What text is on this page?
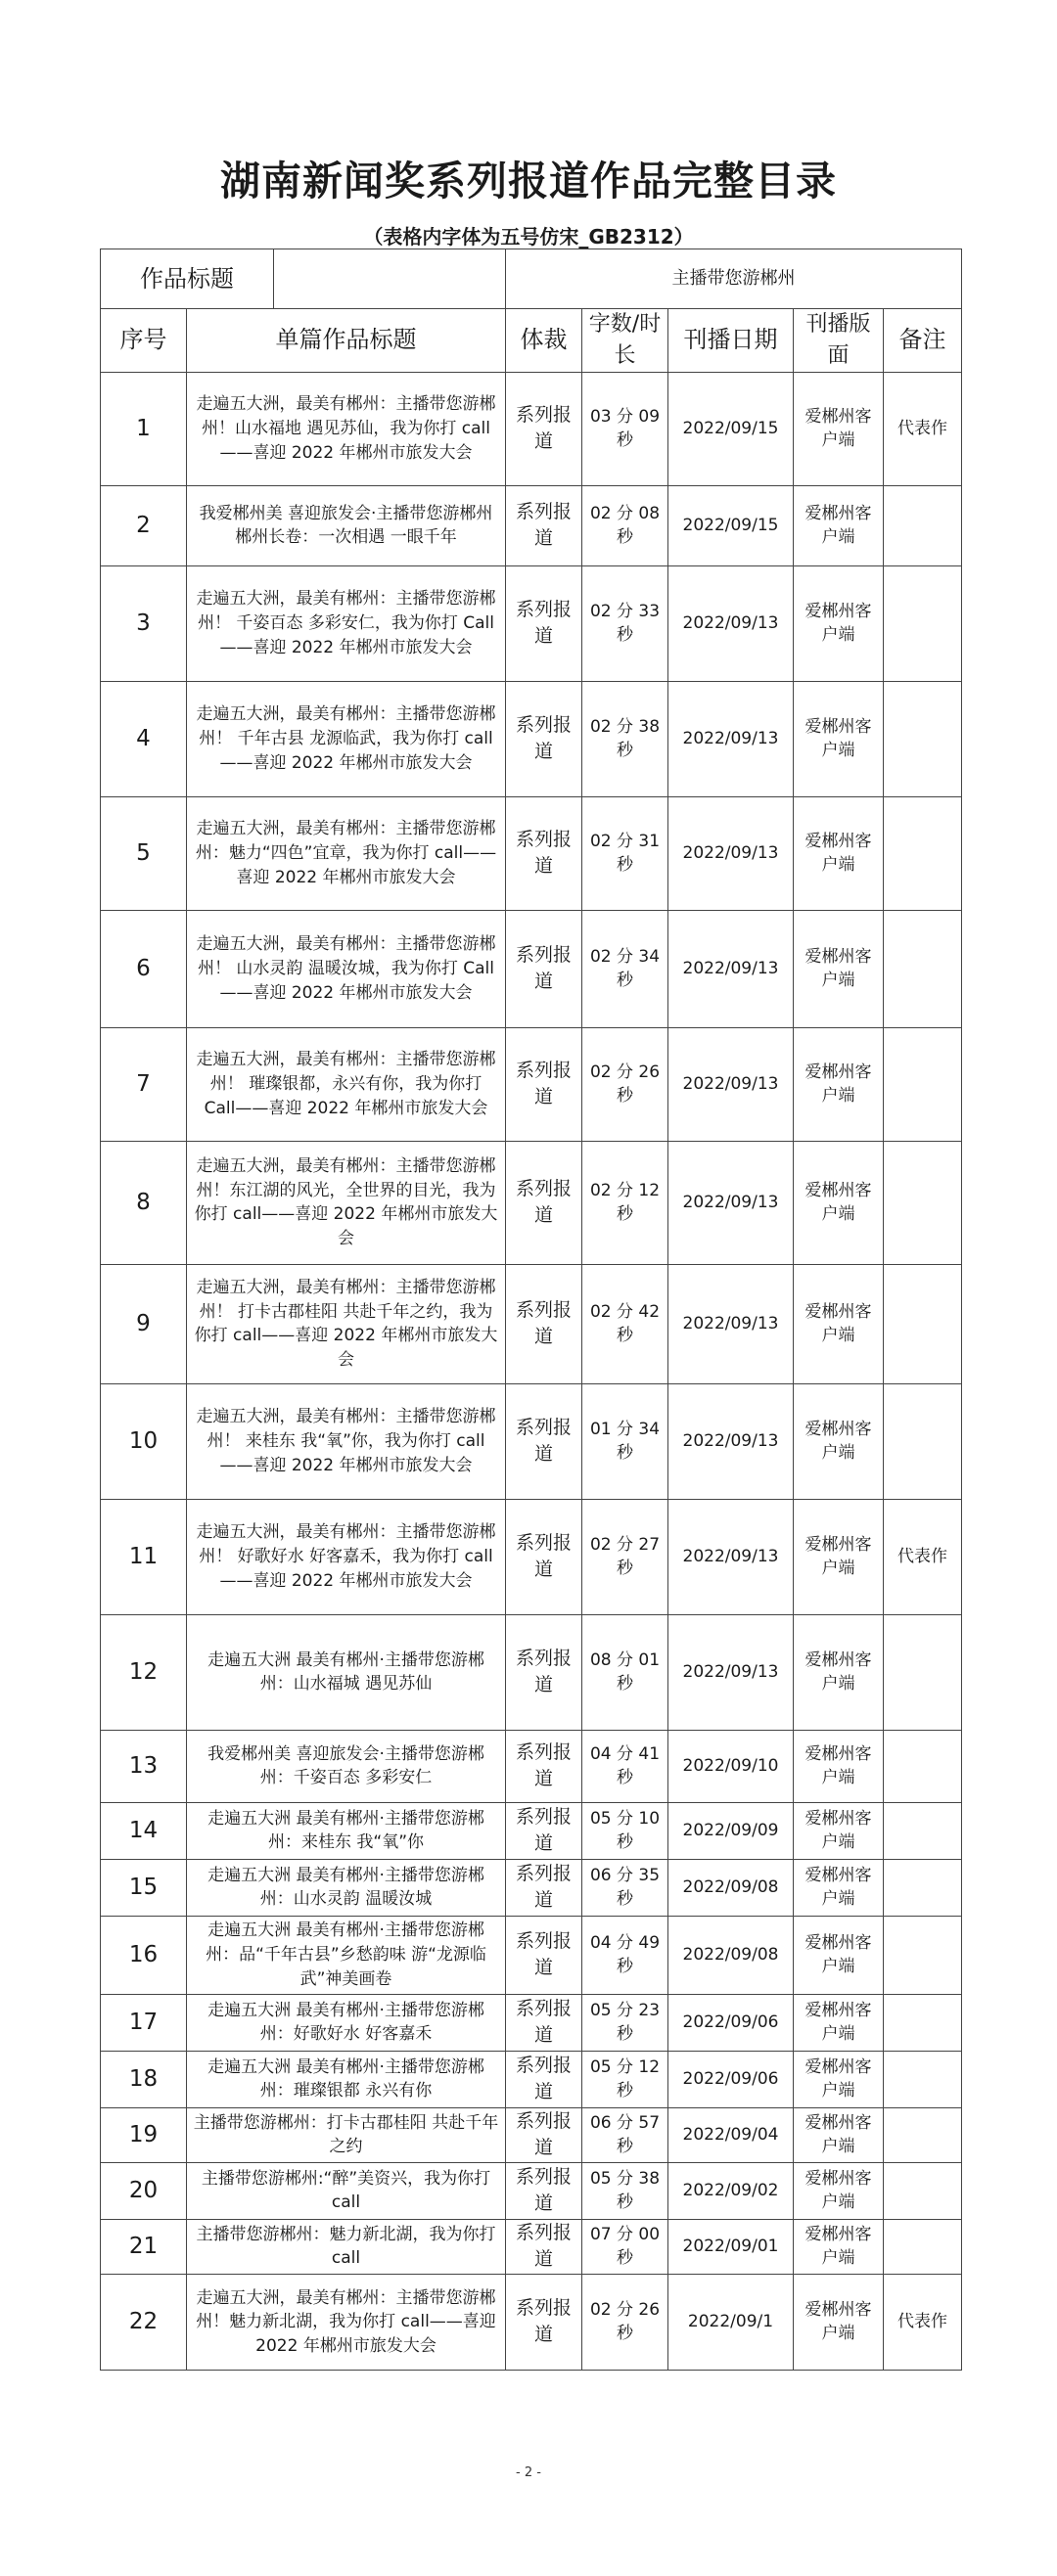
湖南新闻奖系列报道作品完整目录
（表格内字体为五号仿宋_GB2312）
作品标题		主播带您游郴州				
序号	单篇作品标题	体裁	字数/时长	刊播日期	刊播版面	备注
1	走遍五大洲，最美有郴州：主播带您游郴州！山水福地 遇见苏仙，我为你打 call——喜迎 2022 年郴州市旅发大会	系列报道	03 分 09 秒	2022/09/15	爱郴州客户端	代表作
2	我爱郴州美 喜迎旅发会·主播带您游郴州 郴州长卷：一次相遇 一眼千年	系列报道	02 分 08 秒	2022/09/15	爱郴州客户端	
3	走遍五大洲，最美有郴州：主播带您游郴州！ 千姿百态 多彩安仁，我为你打 Call——喜迎 2022 年郴州市旅发大会	系列报道	02 分 33 秒	2022/09/13	爱郴州客户端	
4	走遍五大洲，最美有郴州：主播带您游郴州！ 千年古县 龙源临武，我为你打 call——喜迎 2022 年郴州市旅发大会	系列报道	02 分 38 秒	2022/09/13	爱郴州客户端	
5	走遍五大洲，最美有郴州：主播带您游郴州：魅力“四色”宜章，我为你打 call——喜迎 2022 年郴州市旅发大会	系列报道	02 分 31 秒	2022/09/13	爱郴州客户端	
6	走遍五大洲，最美有郴州：主播带您游郴州！ 山水灵韵 温暖汝城，我为你打 Call——喜迎 2022 年郴州市旅发大会	系列报道	02 分 34 秒	2022/09/13	爱郴州客户端	
7	走遍五大洲，最美有郴州：主播带您游郴州！ 璀璨银都，永兴有你，我为你打 Call——喜迎 2022 年郴州市旅发大会	系列报道	02 分 26 秒	2022/09/13	爱郴州客户端	
8	走遍五大洲，最美有郴州：主播带您游郴州！东江湖的风光，全世界的目光，我为你打 call——喜迎 2022 年郴州市旅发大会	系列报道	02 分 12 秒	2022/09/13	爱郴州客户端	
9	走遍五大洲，最美有郴州：主播带您游郴州！ 打卡古郡桂阳 共赴千年之约，我为你打 call——喜迎 2022 年郴州市旅发大会	系列报道	02 分 42 秒	2022/09/13	爱郴州客户端	
10	走遍五大洲，最美有郴州：主播带您游郴州！ 来桂东 我“氧”你，我为你打 call——喜迎 2022 年郴州市旅发大会	系列报道	01 分 34 秒	2022/09/13	爱郴州客户端	
11	走遍五大洲，最美有郴州：主播带您游郴州！ 好歌好水 好客嘉禾，我为你打 call——喜迎 2022 年郴州市旅发大会	系列报道	02 分 27 秒	2022/09/13	爱郴州客户端	代表作
12	走遍五大洲 最美有郴州·主播带您游郴州：山水福城 遇见苏仙	系列报道	08 分 01 秒	2022/09/13	爱郴州客户端	
13	我爱郴州美 喜迎旅发会·主播带您游郴州：千姿百态 多彩安仁	系列报道	04 分 41 秒	2022/09/10	爱郴州客户端	
14	走遍五大洲 最美有郴州·主播带您游郴州：来桂东 我“氧”你	系列报道	05 分 10 秒	2022/09/09	爱郴州客户端	
15	走遍五大洲 最美有郴州·主播带您游郴州：山水灵韵 温暖汝城	系列报道	06 分 35 秒	2022/09/08	爱郴州客户端	
16	走遍五大洲 最美有郴州·主播带您游郴州：品“千年古县”乡愁韵味 游“龙源临武”神美画卷	系列报道	04 分 49 秒	2022/09/08	爱郴州客户端	
17	走遍五大洲 最美有郴州·主播带您游郴州：好歌好水 好客嘉禾	系列报道	05 分 23 秒	2022/09/06	爱郴州客户端	
18	走遍五大洲 最美有郴州·主播带您游郴州：璀璨银都 永兴有你	系列报道	05 分 12 秒	2022/09/06	爱郴州客户端	
19	主播带您游郴州：打卡古郡桂阳 共赴千年之约	系列报道	06 分 57 秒	2022/09/04	爱郴州客户端	
20	主播带您游郴州:“醉”美资兴，我为你打 call	系列报道	05 分 38 秒	2022/09/02	爱郴州客户端	
21	主播带您游郴州：魅力新北湖，我为你打 call	系列报道	07 分 00 秒	2022/09/01	爱郴州客户端	
22	走遍五大洲，最美有郴州：主播带您游郴州！魅力新北湖，我为你打 call——喜迎 2022 年郴州市旅发大会	系列报道	02 分 26 秒	2022/09/1	爱郴州客户端	代表作
- 2 -
